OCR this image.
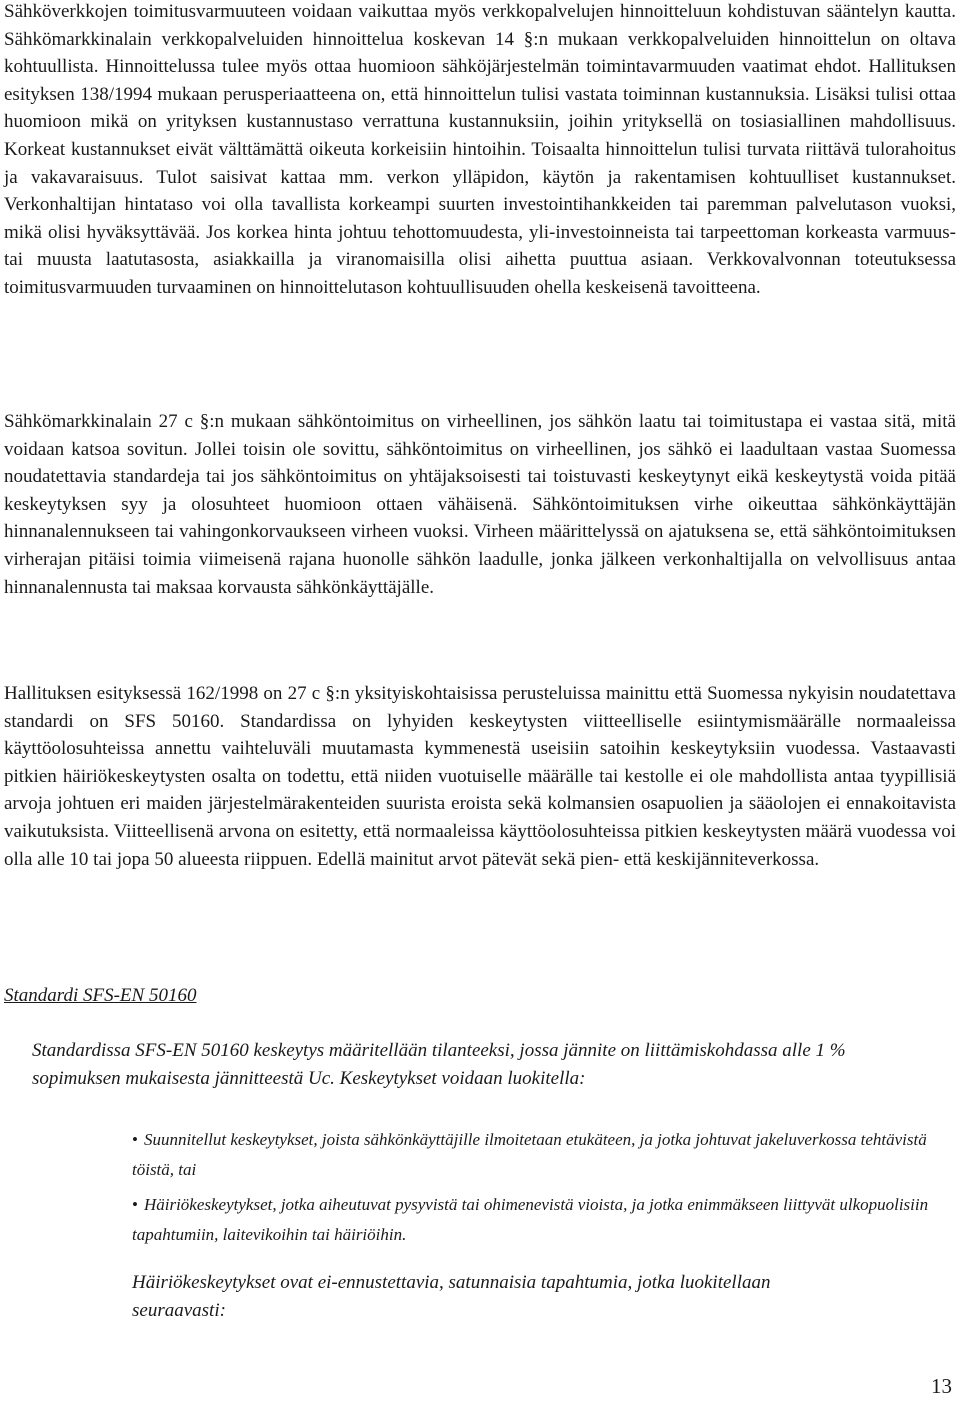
Sähköverkkojen toimitusvarmuuteen voidaan vaikuttaa myös verkkopalvelujen hinnoitteluun kohdistuvan sääntelyn kautta. Sähkömarkkinalain verkkopalveluiden hinnoittelua koskevan 14 §:n mukaan verkkopalveluiden hinnoittelun on oltava kohtuullista. Hinnoittelussa tulee myös ottaa huomioon sähköjärjestelmän toimintavarmuuden vaatimat ehdot. Hallituksen esityksen 138/1994 mukaan perusperiaatteena on, että hinnoittelun tulisi vastata toiminnan kustannuksia. Lisäksi tulisi ottaa huomioon mikä on yrityksen kustannustaso verrattuna kustannuksiin, joihin yrityksellä on tosiasiallinen mahdollisuus. Korkeat kustannukset eivät välttämättä oikeuta korkeisiin hintoihin. Toisaalta hinnoittelun tulisi turvata riittävä tulorahoitus ja vakavaraisuus. Tulot saisivat kattaa mm. verkon ylläpidon, käytön ja rakentamisen kohtuulliset kustannukset. Verkonhaltijan hintataso voi olla tavallista korkeampi suurten investointihankkeiden tai paremman palvelutason vuoksi, mikä olisi hyväksyttävää. Jos korkea hinta johtuu tehottomuudesta, yli-investoinneista tai tarpeettoman korkeasta varmuus- tai muusta laatutasosta, asiakkailla ja viranomaisilla olisi aihetta puuttua asiaan. Verkkovalvonnan toteutuksessa toimitusvarmuuden turvaaminen on hinnoittelutason kohtuullisuuden ohella keskeisenä tavoitteena.

Sähkömarkkinalain 27 c §:n mukaan sähköntoimitus on virheellinen, jos sähkön laatu tai toimitustapa ei vastaa sitä, mitä voidaan katsoa sovitun. Jollei toisin ole sovittu, sähköntoimitus on virheellinen, jos sähkö ei laadultaan vastaa Suomessa noudatettavia standardeja tai jos sähköntoimitus on yhtäjaksoisesti tai toistuvasti keskeytynyt eikä keskeytystä voida pitää keskeytyksen syy ja olosuhteet huomioon ottaen vähäisenä. Sähköntoimituksen virhe oikeuttaa sähkönkäyttäjän hinnanalennukseen tai vahingonkorvaukseen virheen vuoksi. Virheen määrittelyssä on ajatuksena se, että sähköntoimituksen virherajan pitäisi toimia viimeisenä rajana huonolle sähkön laadulle, jonka jälkeen verkonhaltijalla on velvollisuus antaa hinnanalennusta tai maksaa korvausta sähkönkäyttäjälle.

Hallituksen esityksessä 162/1998 on 27 c §:n yksityiskohtaisissa perusteluissa mainittu että Suomessa nykyisin noudatettava standardi on SFS 50160. Standardissa on lyhyiden keskeytysten viitteelliselle esiintymismäärälle normaaleissa käyttöolosuhteissa annettu vaihteluväli muutamasta kymmenestä useisiin satoihin keskeytyksiin vuodessa. Vastaavasti pitkien häiriökeskeytysten osalta on todettu, että niiden vuotuiselle määrälle tai kestolle ei ole mahdollista antaa tyypillisiä arvoja johtuen eri maiden järjestelmärakenteiden suurista eroista sekä kolmansien osapuolien ja sääolojen ei ennakoitavista vaikutuksista. Viitteellisenä arvona on esitetty, että normaaleissa käyttöolosuhteissa pitkien keskeytysten määrä vuodessa voi olla alle 10 tai jopa 50 alueesta riippuen. Edellä mainitut arvot pätevät sekä pien- että keskijänniteverkossa.

Standardi SFS-EN 50160

Standardissa SFS-EN 50160 keskeytys määritellään tilanteeksi, jossa jännite on liittämiskohdassa alle 1 % sopimuksen mukaisesta jännitteestä Uc. Keskeytykset voidaan luokitella:

• Suunnitellut keskeytykset, joista sähkönkäyttäjille ilmoitetaan etukäteen, ja jotka johtuvat jakeluverkossa tehtävistä töistä, tai
• Häiriökeskeytykset, jotka aiheutuvat pysyvistä tai ohimenevistä vioista, ja jotka enimmäkseen liittyvät ulkopuolisiin tapahtumiin, laitevikoihin tai häiriöihin.

Häiriökeskeytykset ovat ei-ennustettavia, satunnaisia tapahtumia, jotka luokitellaan seuraavasti:

13
